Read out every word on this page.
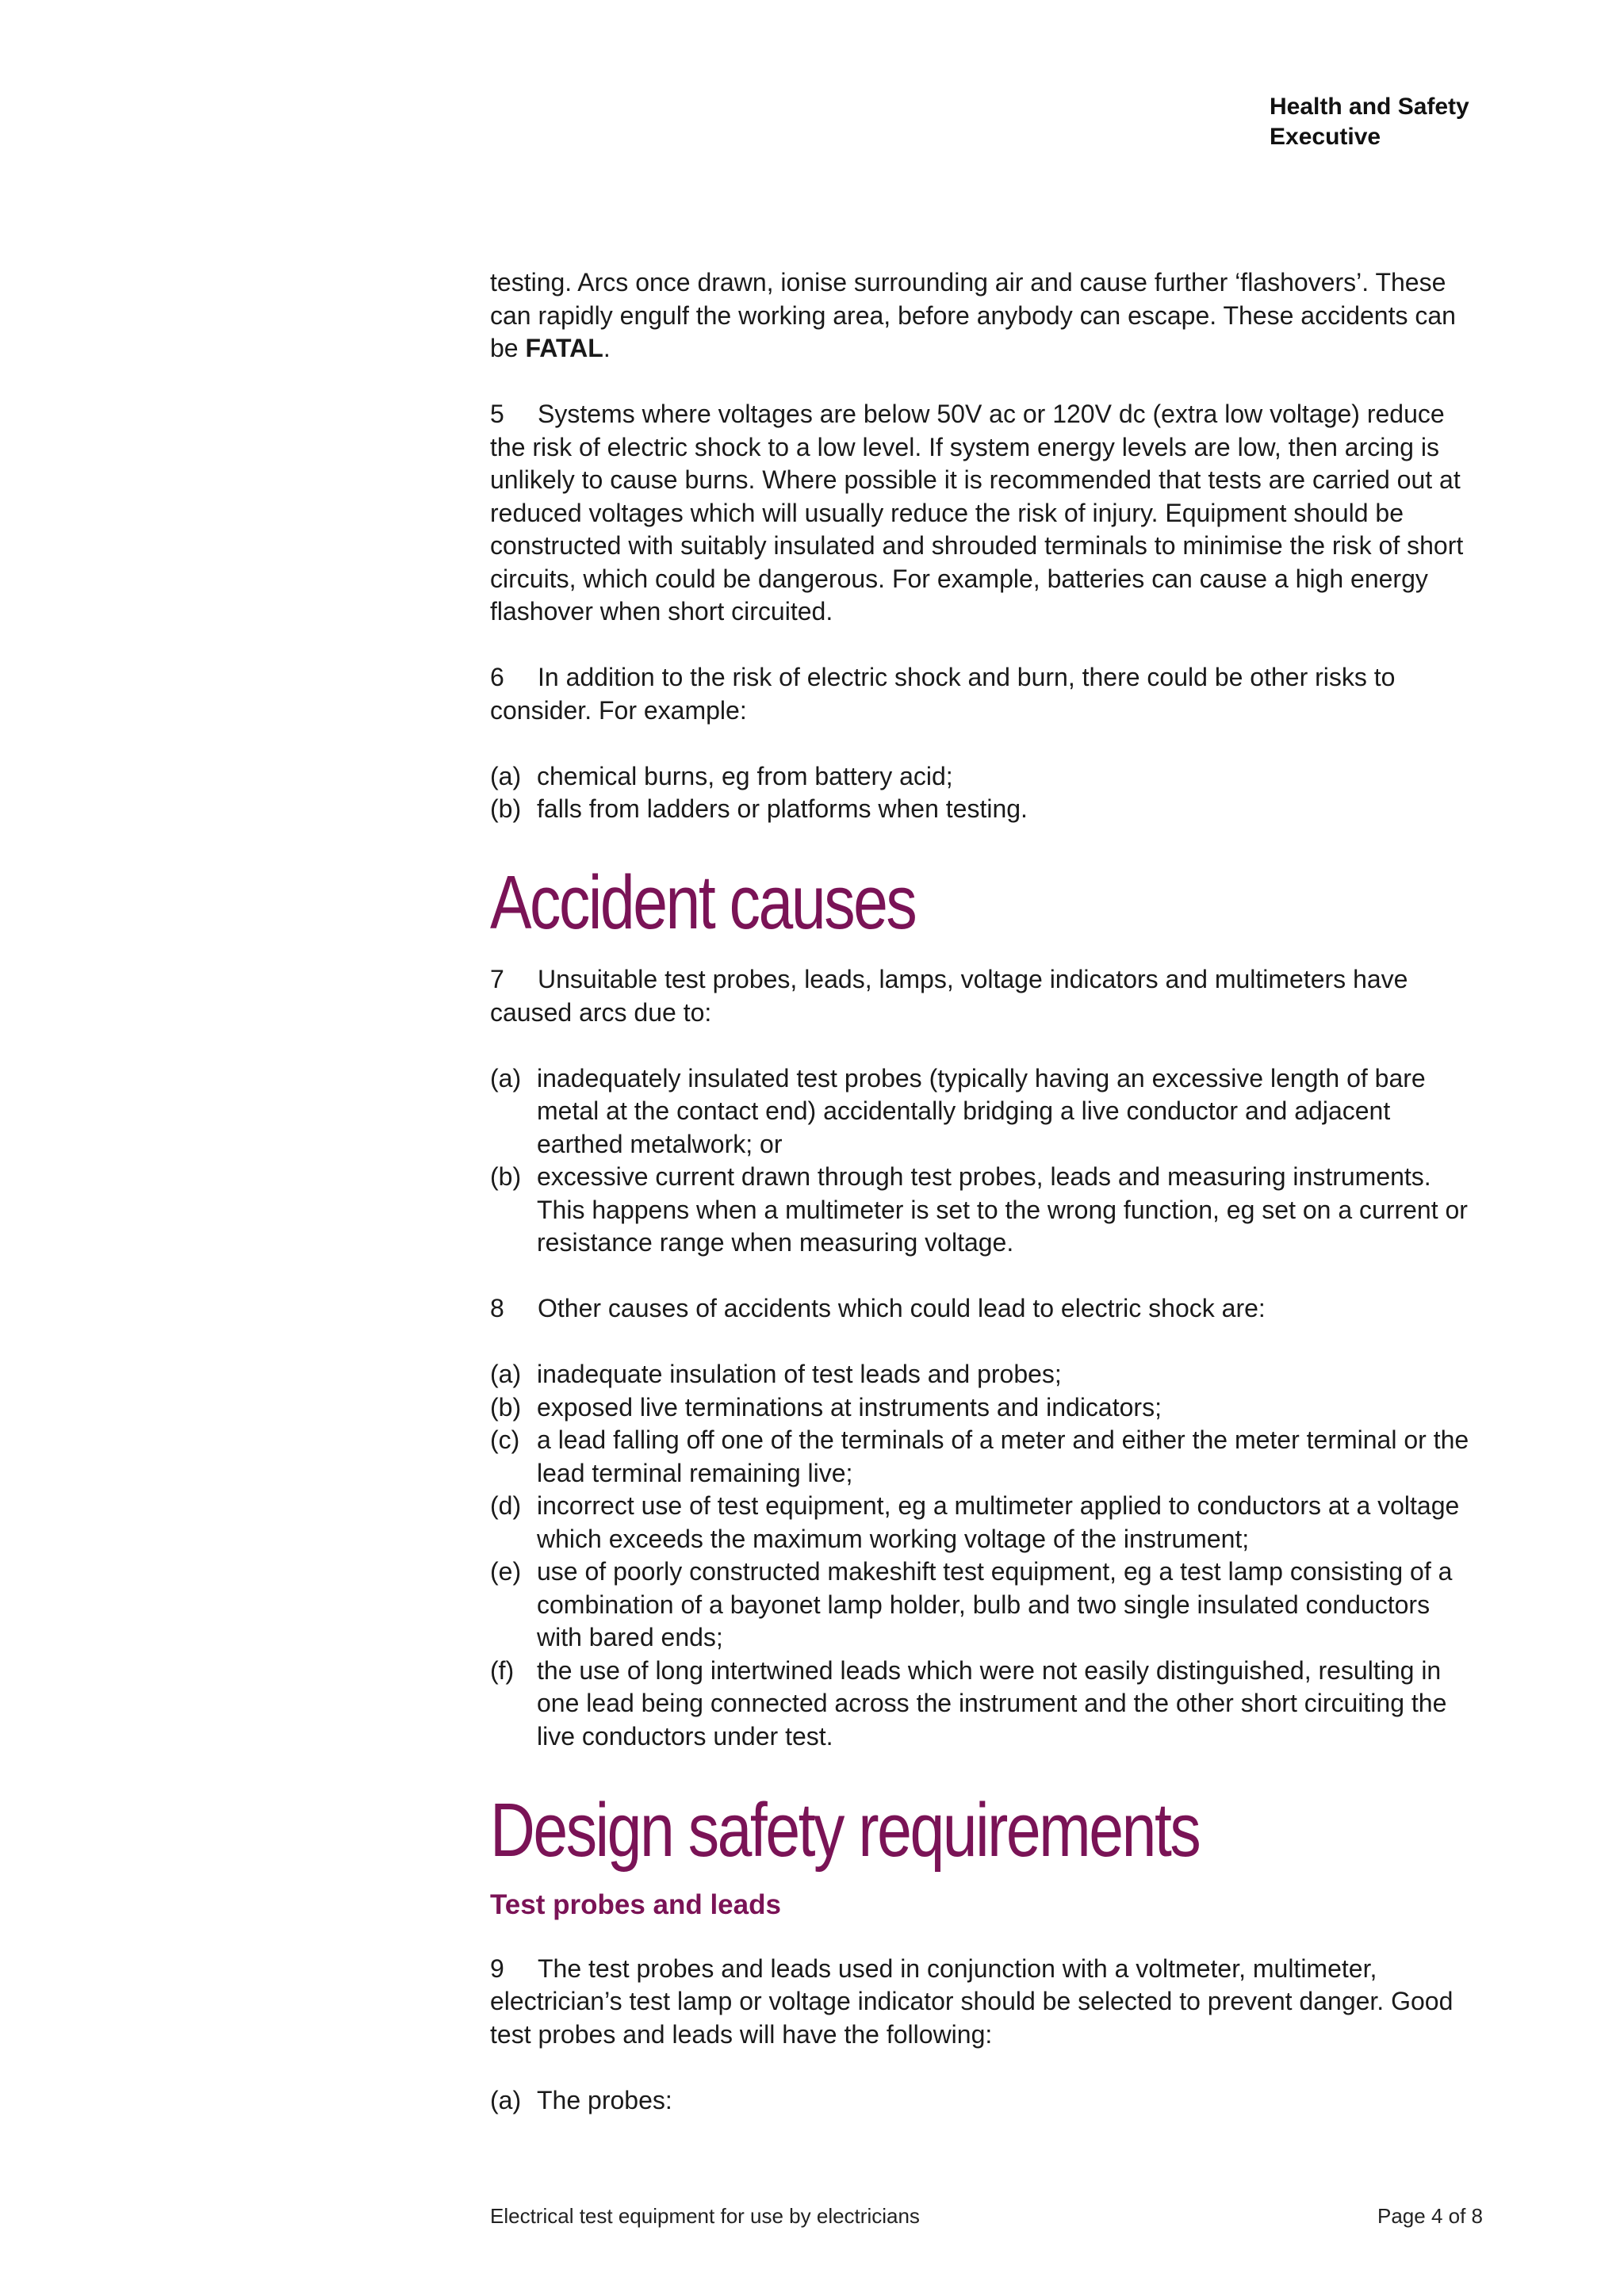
Health and Safety
Executive

testing. Arcs once drawn, ionise surrounding air and cause further ‘flashovers’. These can rapidly engulf the working area, before anybody can escape. These accidents can be FATAL.

5 Systems where voltages are below 50V ac or 120V dc (extra low voltage) reduce the risk of electric shock to a low level. If system energy levels are low, then arcing is unlikely to cause burns. Where possible it is recommended that tests are carried out at reduced voltages which will usually reduce the risk of injury. Equipment should be constructed with suitably insulated and shrouded terminals to minimise the risk of short circuits, which could be dangerous. For example, batteries can cause a high energy flashover when short circuited.

6 In addition to the risk of electric shock and burn, there could be other risks to consider. For example:

(a) chemical burns, eg from battery acid;
(b) falls from ladders or platforms when testing.
Accident causes

7 Unsuitable test probes, leads, lamps, voltage indicators and multimeters have caused arcs due to:

(a) inadequately insulated test probes (typically having an excessive length of bare metal at the contact end) accidentally bridging a live conductor and adjacent earthed metalwork; or
(b) excessive current drawn through test probes, leads and measuring instruments. This happens when a multimeter is set to the wrong function, eg set on a current or resistance range when measuring voltage.

8 Other causes of accidents which could lead to electric shock are:

(a) inadequate insulation of test leads and probes;
(b) exposed live terminations at instruments and indicators;
(c) a lead falling off one of the terminals of a meter and either the meter terminal or the lead terminal remaining live;
(d) incorrect use of test equipment, eg a multimeter applied to conductors at a voltage which exceeds the maximum working voltage of the instrument;
(e) use of poorly constructed makeshift test equipment, eg a test lamp consisting of a combination of a bayonet lamp holder, bulb and two single insulated conductors with bared ends;
(f) the use of long intertwined leads which were not easily distinguished, resulting in one lead being connected across the instrument and the other short circuiting the live conductors under test.
Design safety requirements
Test probes and leads

9 The test probes and leads used in conjunction with a voltmeter, multimeter, electrician’s test lamp or voltage indicator should be selected to prevent danger. Good test probes and leads will have the following:

(a) The probes:
Electrical test equipment for use by electricians	Page 4 of 8
